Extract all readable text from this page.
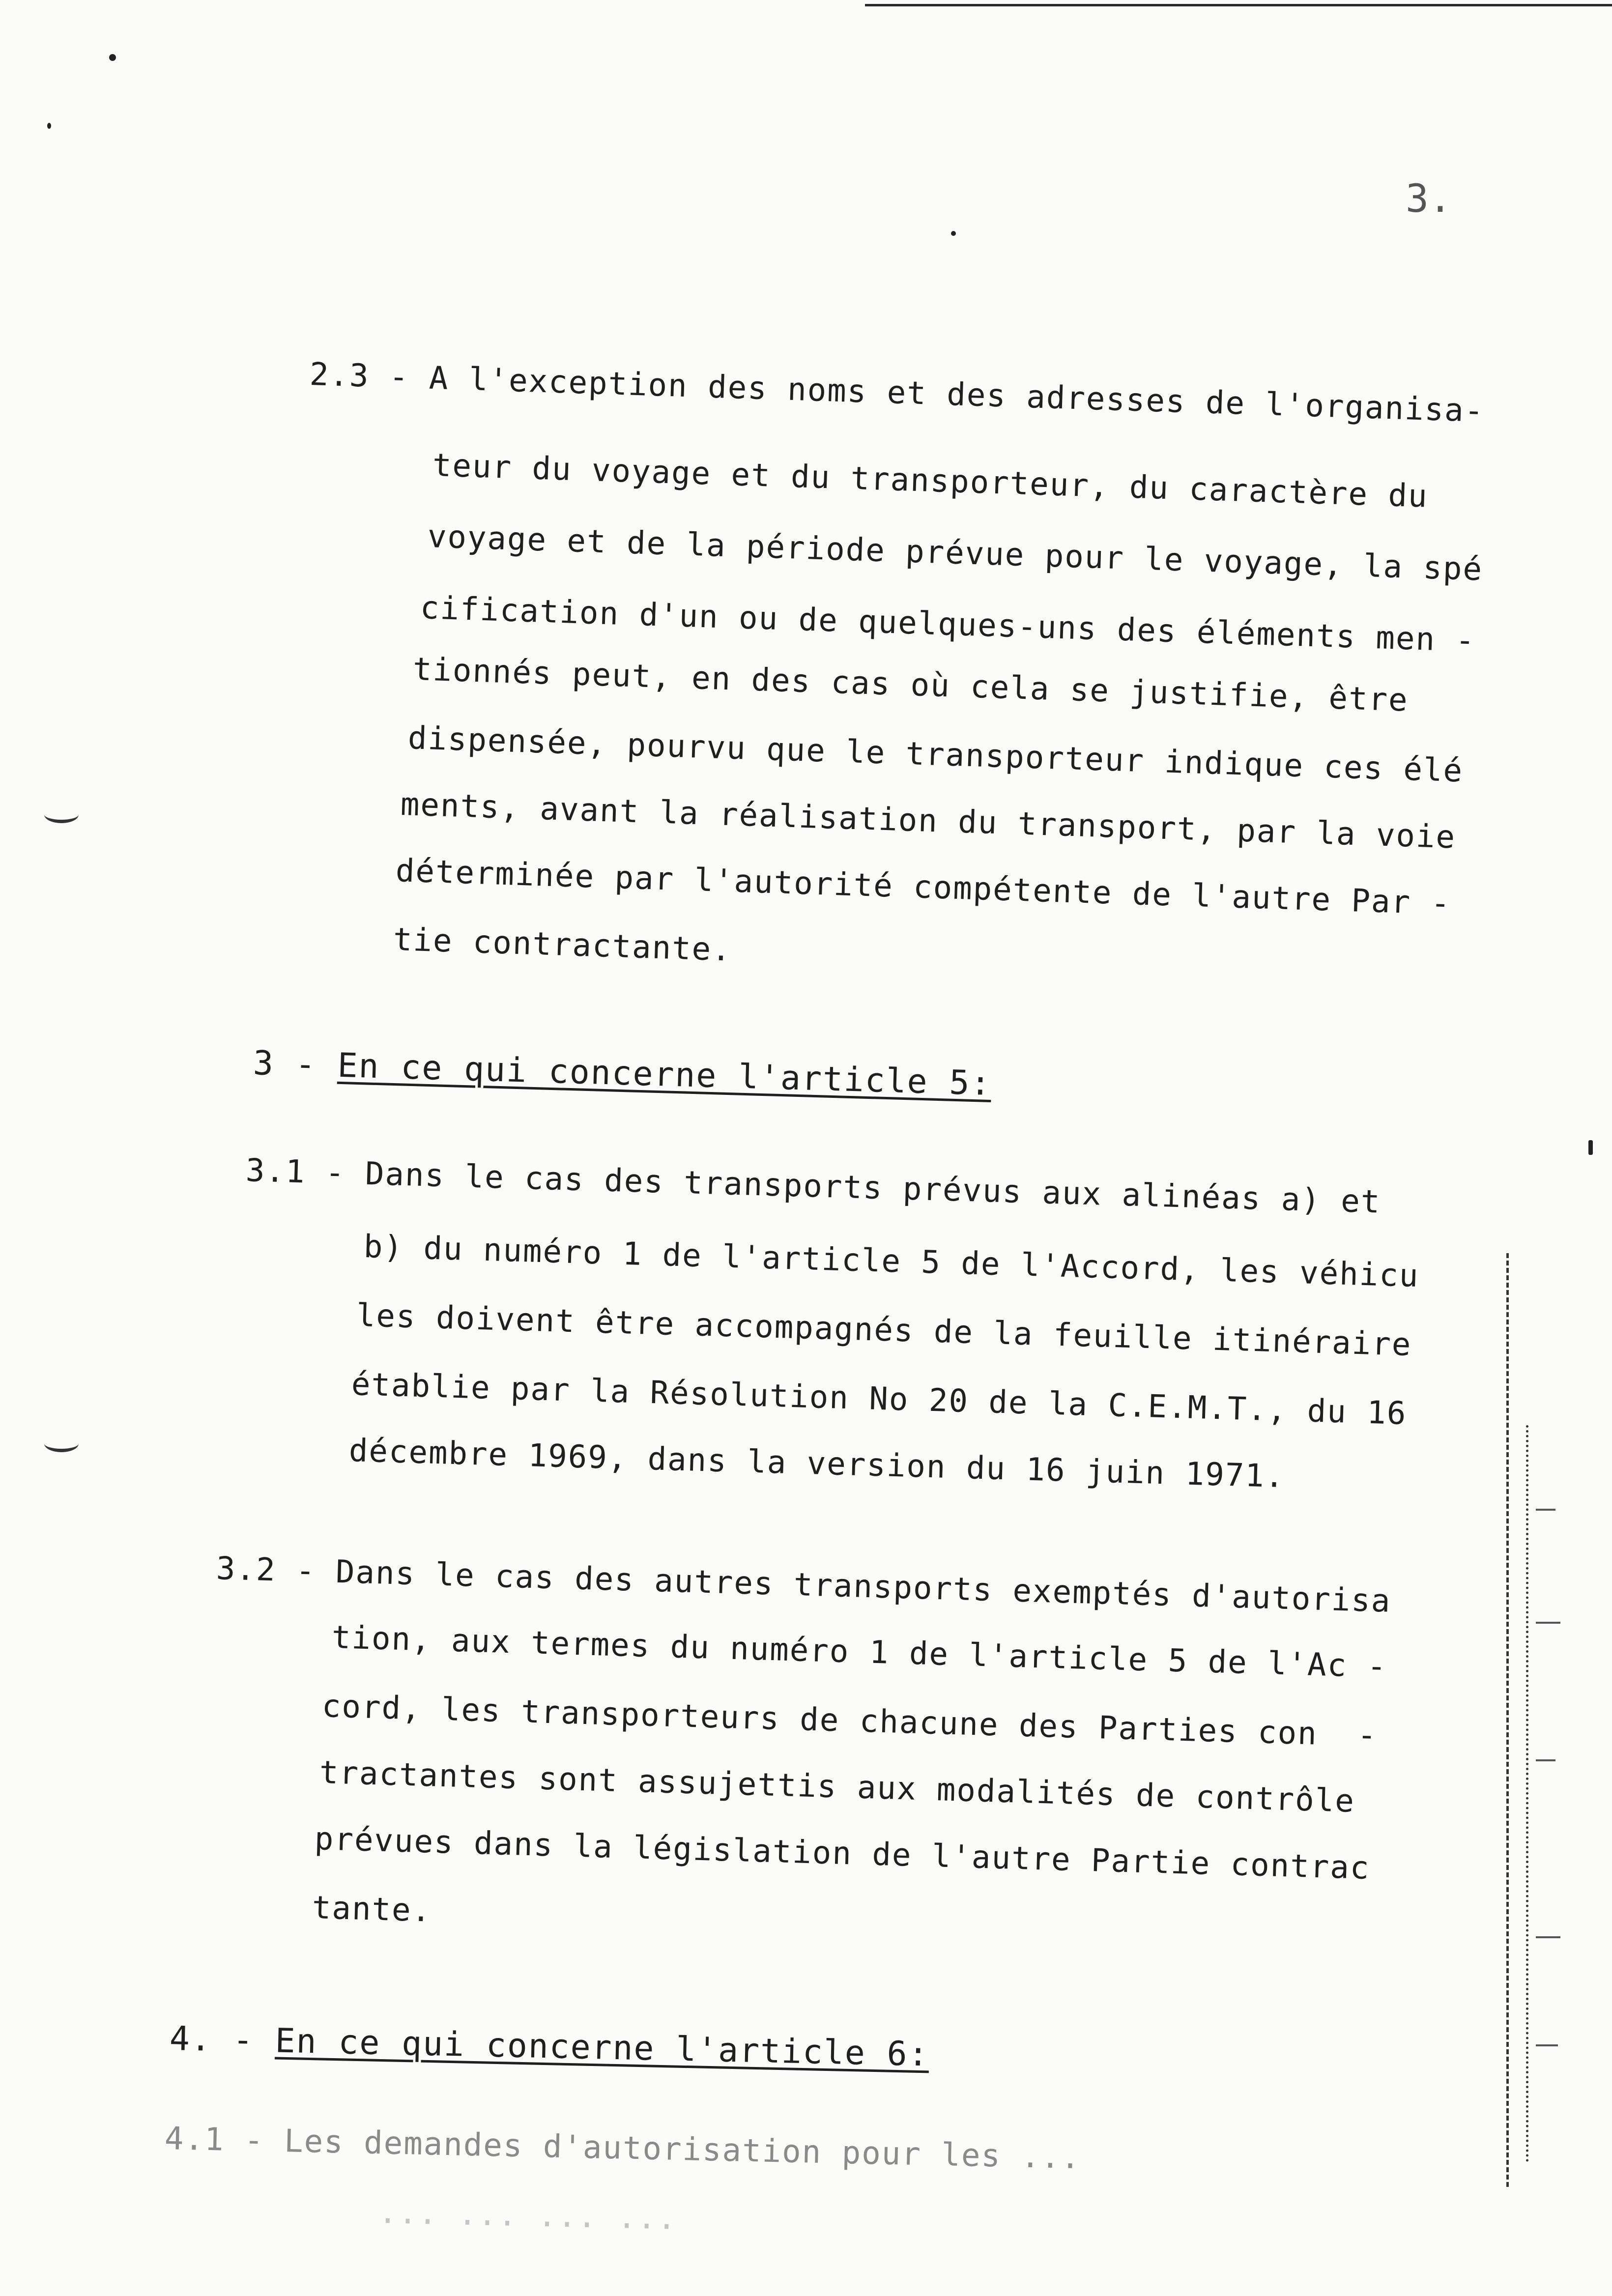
3.
2.3 - A l'exception des noms et des adresses de l'organisa-
teur du voyage et du transporteur, du caractère du
voyage et de la période prévue pour le voyage, la spé
cification d'un ou de quelques-uns des éléments men -
tionnés peut, en des cas où cela se justifie, être
dispensée, pourvu que le transporteur indique ces élé
ments, avant la réalisation du transport, par la voie
déterminée par l'autorité compétente de l'autre Par -
tie contractante.
3 - En ce qui concerne l'article 5:
3.1 - Dans le cas des transports prévus aux alinéas a) et
b) du numéro 1 de l'article 5 de l'Accord, les véhicu
les doivent être accompagnés de la feuille itinéraire
établie par la Résolution No 20 de la C.E.M.T., du 16
décembre 1969, dans la version du 16 juin 1971.
3.2 - Dans le cas des autres transports exemptés d'autorisa
tion, aux termes du numéro 1 de l'article 5 de l'Ac -
cord, les transporteurs de chacune des Parties con  -
tractantes sont assujettis aux modalités de contrôle
prévues dans la législation de l'autre Partie contrac
tante.
4. - En ce qui concerne l'article 6:
4.1 - Les demandes d'autorisation pour les ...
... ... ... ...
